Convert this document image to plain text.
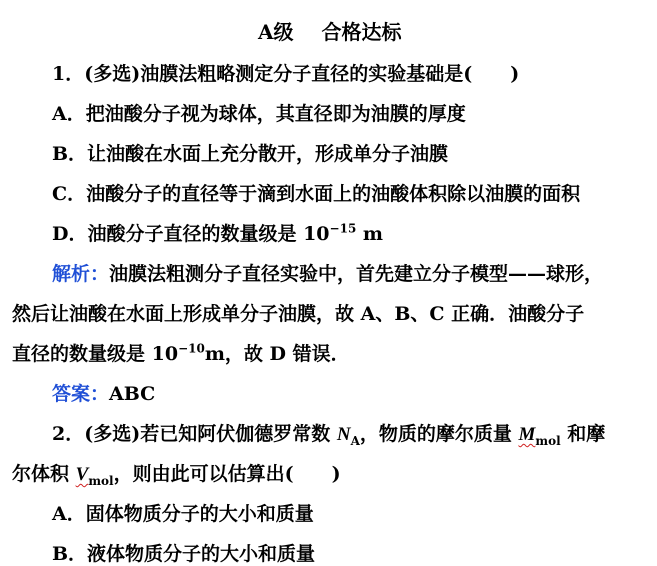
A级 合格达标
1．(多选)油膜法粗略测定分子直径的实验基础是(　　)
A．把油酸分子视为球体，其直径即为油膜的厚度
B．让油酸在水面上充分散开，形成单分子油膜
C．油酸分子的直径等于滴到水面上的油酸体积除以油膜的面积
D．油酸分子直径的数量级是 $10^{-15}$ m
解析：油膜法粗测分子直径实验中，首先建立分子模型——球形，
然后让油酸在水面上形成单分子油膜，故 A、B、C 正确．油酸分子
直径的数量级是 $10^{-10}m$，故 D 错误．
答案：ABC
2．(多选)若已知阿伏伽德罗常数 $N_A$，物质的摩尔质量 $M_{mol}$ 和摩
尔体积 $V_{mol}$，则由此可以估算出(　　)
A．固体物质分子的大小和质量
B．液体物质分子的大小和质量
